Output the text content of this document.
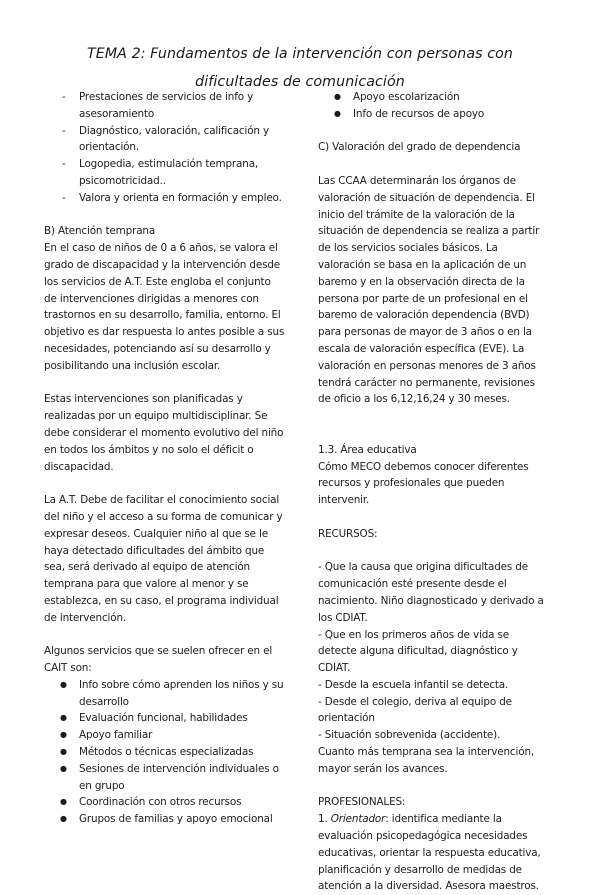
TEMA 2: Fundamentos de la intervención con personas con dificultades de comunicación
- Prestaciones de servicios de info y asesoramiento
- Diagnóstico, valoración, calificación y orientación.
- Logopedia, estimulación temprana, psicomotricidad..
- Valora y orienta en formación y empleo.

B) Atención temprana

En el caso de niños de 0 a 6 años, se valora el grado de discapacidad y la intervención desde los servicios de A.T. Este engloba el conjunto de intervenciones dirigidas a menores con trastornos en su desarrollo, familia, entorno. El objetivo es dar respuesta lo antes posible a sus necesidades, potenciando así su desarrollo y posibilitando una inclusión escolar.

Estas intervenciones son planificadas y realizadas por un equipo multidisciplinar. Se debe considerar el momento evolutivo del niño en todos los ámbitos y no solo el déficit o discapacidad.

La A.T. Debe de facilitar el conocimiento social del niño y el acceso a su forma de comunicar y expresar deseos. Cualquier niño al que se le haya detectado dificultades del ámbito que sea, será derivado al equipo de atención temprana para que valore al menor y se establezca, en su caso, el programa individual de intervención.

Algunos servicios que se suelen ofrecer en el CAIT son:

● Info sobre cómo aprenden los niños y su desarrollo
● Evaluación funcional, habilidades
● Apoyo familiar
● Métodos o técnicas especializadas
● Sesiones de intervención individuales o en grupo
● Coordinación con otros recursos
● Grupos de familias y apoyo emocional
● Apoyo escolarización
● Info de recursos de apoyo

C) Valoración del grado de dependencia

Las CCAA determinarán los órganos de valoración de situación de dependencia. El inicio del trámite de la valoración de la situación de dependencia se realiza a partir de los servicios sociales básicos. La valoración se basa en la aplicación de un baremo y en la observación directa de la persona por parte de un profesional en el baremo de valoración dependencia (BVD) para personas de mayor de 3 años o en la escala de valoración específica (EVE). La valoración en personas menores de 3 años tendrá carácter no permanente, revisiones de oficio a los 6,12,16,24 y 30 meses.

1.3. Área educativa

Cómo MECO debemos conocer diferentes recursos y profesionales que pueden intervenir.

RECURSOS:

- Que la causa que origina dificultades de comunicación esté presente desde el nacimiento. Niño diagnosticado y derivado a los CDIAT.

- Que en los primeros años de vida se detecte alguna dificultad, diagnóstico y CDIAT.

- Desde la escuela infantil se detecta.

- Desde el colegio, deriva al equipo de orientación

- Situación sobrevenida (accidente).

Cuanto más temprana sea la intervención, mayor serán los avances.

PROFESIONALES:

1. Orientador: identifica mediante la evaluación psicopedagógica necesidades educativas, orientar la respuesta educativa, planificación y desarrollo de medidas de atención a la diversidad. Asesora maestros.
